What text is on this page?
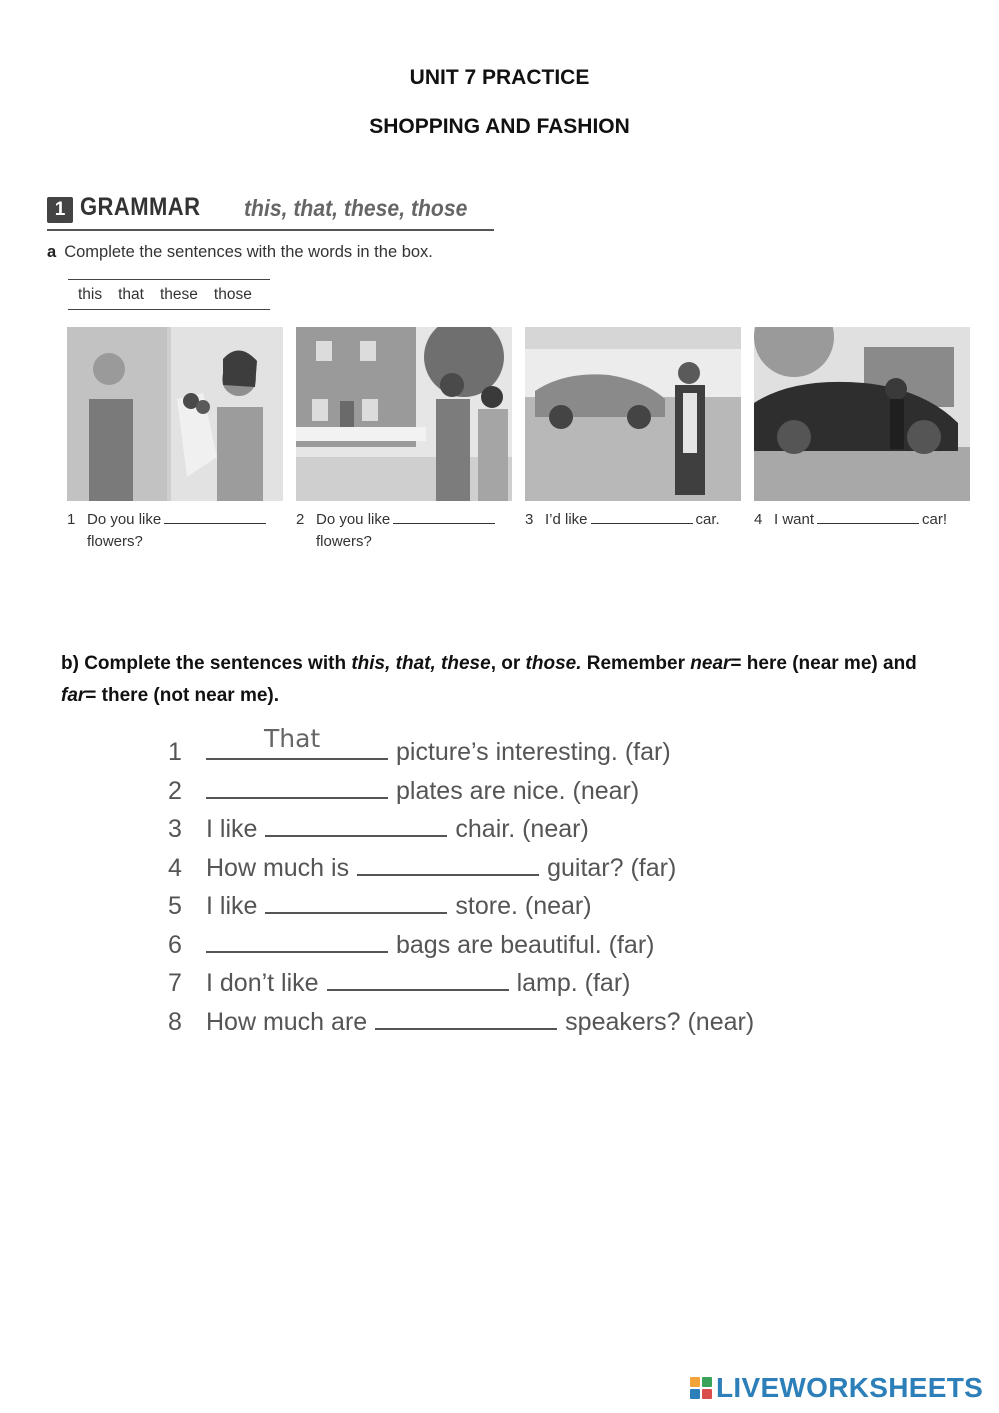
UNIT 7 PRACTICE
SHOPPING AND FASHION
1 GRAMMAR this, that, these, those
a Complete the sentences with the words in the box.
this that these those
1 Do you like
flowers?
2 Do you like
flowers?
3 I’d like	car.	4 I want	car!
b) Complete the sentences with this, that, these, or those. Remember near= here (near me) and far= there (not near me).
1	That	picture’s interesting. (far)
2	plates are nice. (near)
3 I like	chair. (near)
4 How much is	guitar? (far)
5 I like	store. (near)
6	bags are beautiful. (far)
7 I don’t like	lamp. (far)
8 How much are	speakers? (near)
LIVEWORKSHEETS
